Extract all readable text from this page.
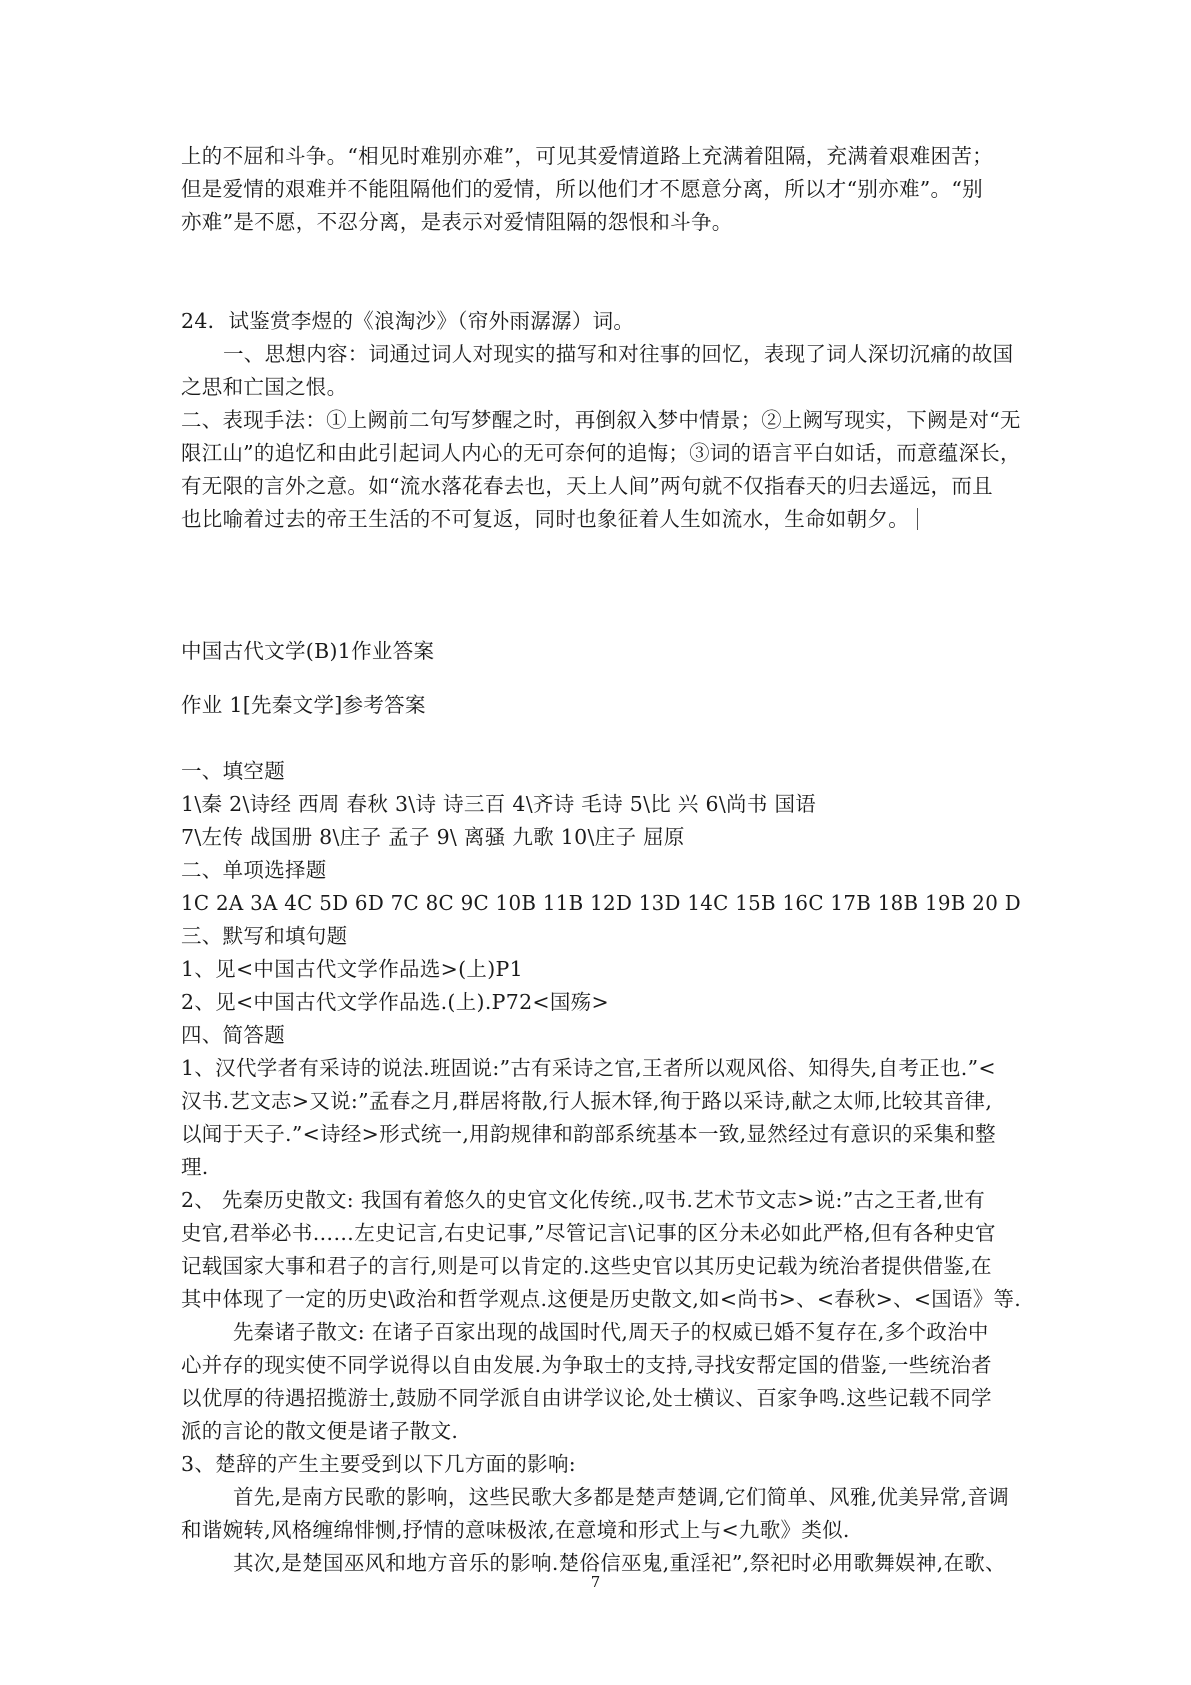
上的不屈和斗争。“相见时难别亦难”，可见其爱情道路上充满着阻隔，充满着艰难困苦；

但是爱情的艰难并不能阻隔他们的爱情，所以他们才不愿意分离，所以才“别亦难”。“别

亦难”是不愿，不忍分离，是表示对爱情阻隔的怨恨和斗争。

24．试鉴赏李煜的《浪淘沙》（帘外雨潺潺）词。

一、思想内容：词通过词人对现实的描写和对往事的回忆，表现了词人深切沉痛的故国

之思和亡国之恨。

二、表现手法：①上阙前二句写梦醒之时，再倒叙入梦中情景；②上阙写现实，下阙是对“无

限江山”的追忆和由此引起词人内心的无可奈何的追悔；③词的语言平白如话，而意蕴深长，

有无限的言外之意。如“流水落花春去也，天上人间”两句就不仅指春天的归去遥远，而且

也比喻着过去的帝王生活的不可复返，同时也象征着人生如流水，生命如朝夕。

中国古代文学(B)1作业答案

作业 1[先秦文学]参考答案

一、填空题

1\秦 2\诗经 西周 春秋 3\诗 诗三百 4\齐诗 毛诗 5\比 兴 6\尚书 国语

7\左传 战国册 8\庄子 孟子 9\ 离骚 九歌 10\庄子 屈原

二、单项选择题

1C 2A 3A 4C 5D 6D 7C 8C 9C 10B 11B 12D 13D 14C 15B 16C 17B 18B 19B 20 D

三、默写和填句题

1、见<中国古代文学作品选>(上)P1

2、见<中国古代文学作品选.(上).P72<国殇>

四、简答题

1、汉代学者有采诗的说法.班固说:”古有采诗之官,王者所以观风俗、知得失,自考正也.”<

汉书.艺文志>又说:”孟春之月,群居将散,行人振木铎,徇于路以采诗,献之太师,比较其音律,

以闻于天子.”<诗经>形式统一,用韵规律和韵部系统基本一致,显然经过有意识的采集和整

理.

2、 先秦历史散文: 我国有着悠久的史官文化传统.,叹书.艺术节文志>说:”古之王者,世有

史官,君举必书……左史记言,右史记事,”尽管记言\记事的区分未必如此严格,但有各种史官

记载国家大事和君子的言行,则是可以肯定的.这些史官以其历史记载为统治者提供借鉴,在

其中体现了一定的历史\政治和哲学观点.这便是历史散文,如<尚书>、<春秋>、<国语》等.

先秦诸子散文: 在诸子百家出现的战国时代,周天子的权威已婚不复存在,多个政治中

心并存的现实使不同学说得以自由发展.为争取士的支持,寻找安帮定国的借鉴,一些统治者

以优厚的待遇招揽游士,鼓励不同学派自由讲学议论,处士横议、百家争鸣.这些记载不同学

派的言论的散文便是诸子散文.

3、楚辞的产生主要受到以下几方面的影响:

首先,是南方民歌的影响，这些民歌大多都是楚声楚调,它们简单、风雅,优美异常,音调

和谐婉转,风格缠绵悱恻,抒情的意味极浓,在意境和形式上与<九歌》类似.

其次,是楚国巫风和地方音乐的影响.楚俗信巫鬼,重淫祀”,祭祀时必用歌舞娱神,在歌、

7
